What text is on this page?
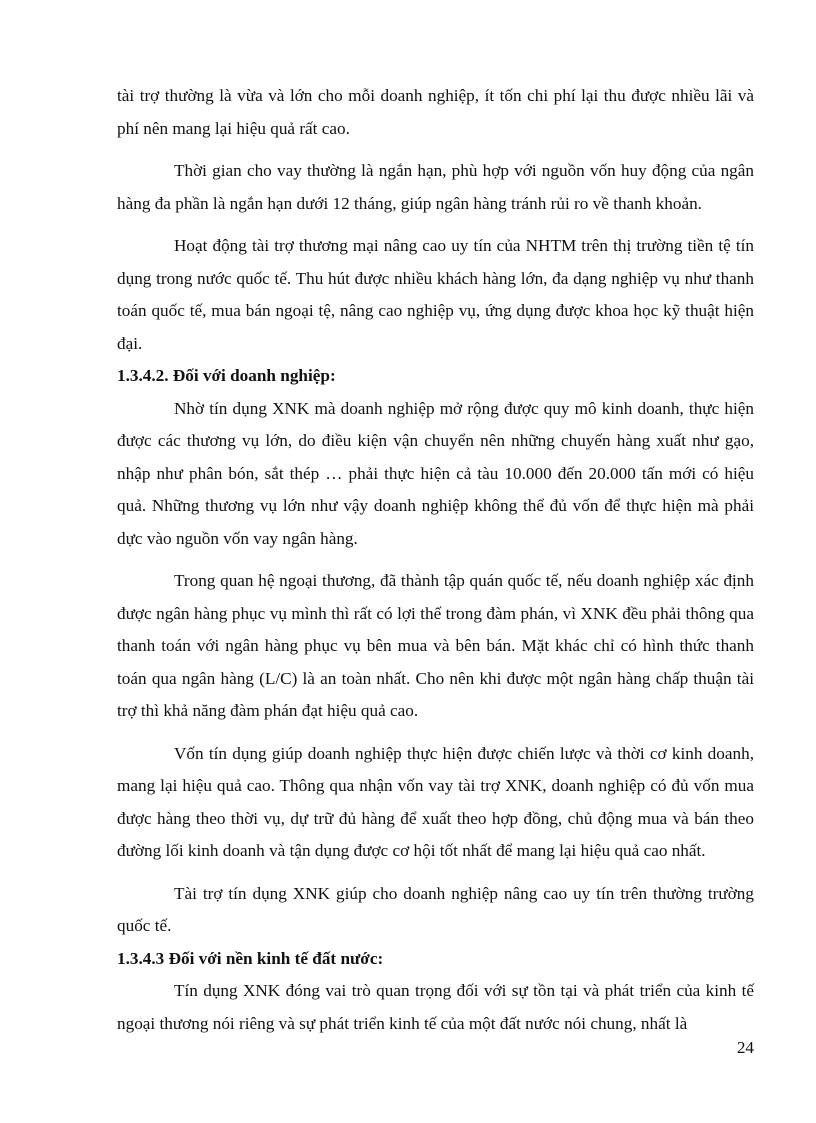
tài trợ thường là vừa và lớn cho mỗi doanh nghiệp, ít tốn chi phí lại thu được nhiều lãi và phí nên mang lại hiệu quả rất cao.

Thời gian cho vay thường là ngắn hạn, phù hợp với nguồn vốn huy động của ngân hàng đa phần là ngắn hạn dưới 12 tháng, giúp ngân hàng tránh rủi ro về thanh khoản.

Hoạt động tài trợ thương mại nâng cao uy tín của NHTM trên thị trường tiền tệ tín dụng trong nước quốc tế. Thu hút được nhiều khách hàng lớn, đa dạng nghiệp vụ như thanh toán quốc tế, mua bán ngoại tệ, nâng cao nghiệp vụ, ứng dụng được khoa học kỹ thuật hiện đại.

1.3.4.2. Đối với doanh nghiệp:

Nhờ tín dụng XNK mà doanh nghiệp mở rộng được quy mô kinh doanh, thực hiện được các thương vụ lớn, do điều kiện vận chuyển nên những chuyến hàng xuất như gạo, nhập như phân bón, sắt thép … phải thực hiện cả tàu 10.000 đến 20.000 tấn mới có hiệu quả. Những thương vụ lớn như vậy doanh nghiệp không thể đủ vốn để thực hiện mà phải dực vào nguồn vốn vay ngân hàng.

Trong quan hệ ngoại thương, đã thành tập quán quốc tế, nếu doanh nghiệp xác định được ngân hàng phục vụ mình thì rất có lợi thế trong đàm phán, vì XNK đều phải thông qua thanh toán với ngân hàng phục vụ bên mua và bên bán. Mặt khác chỉ có hình thức thanh toán qua ngân hàng (L/C) là an toàn nhất. Cho nên khi được một ngân hàng chấp thuận tài trợ thì khả năng đàm phán đạt hiệu quả cao.

Vốn tín dụng giúp doanh nghiệp thực hiện được chiến lược và thời cơ kinh doanh, mang lại hiệu quả cao. Thông qua nhận vốn vay tài trợ XNK, doanh nghiệp có đủ vốn mua được hàng theo thời vụ, dự trữ đủ hàng để xuất theo hợp đồng, chủ động mua và bán theo đường lối kinh doanh và tận dụng được cơ hội tốt nhất để mang lại hiệu quả cao nhất.

Tài trợ tín dụng XNK giúp cho doanh nghiệp nâng cao uy tín trên thường trường quốc tế.

1.3.4.3 Đối với nền kinh tế đất nước:

Tín dụng XNK đóng vai trò quan trọng đối với sự tồn tại và phát triển của kinh tế ngoại thương nói riêng và sự phát triển kinh tế của một đất nước nói chung, nhất là

24
